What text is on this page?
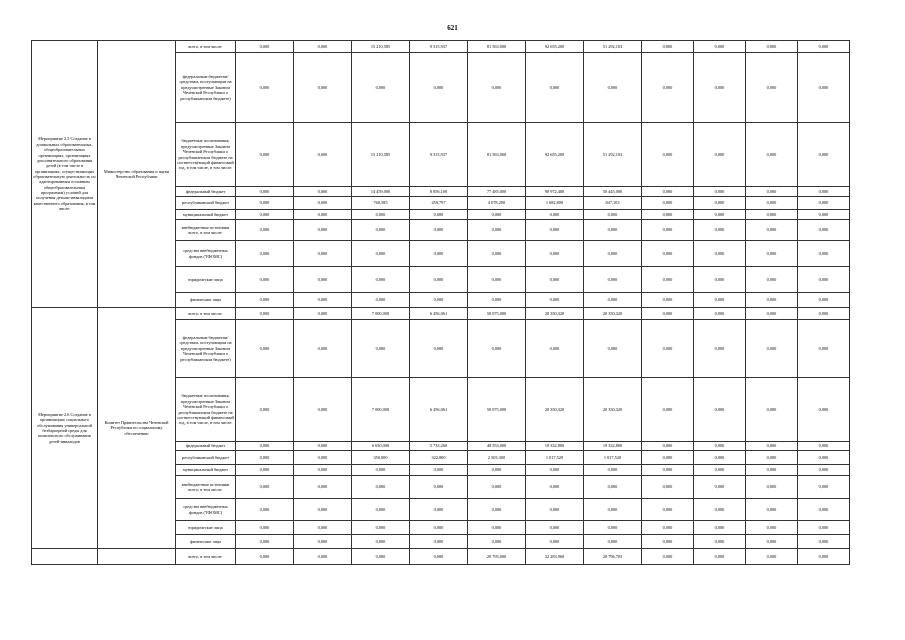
621
Мероприятие 2.5 Создание в дошкольных образовательных, общеобразовательных организациях, организациях дополнительного образования детей (в том числе в организациях, осуществляющих образовательную деятельность по адаптированным основным общеобразовательным программам) условий для получения детьми-инвалидами качественного образования, в том числе:	Министерство образования и науки Чеченской Республики	всего, в том числе:	0,000	0,000	15 210,585	9 315,937	81 563,000	92 655,200	51 292,103	0,000	0,000	0,000	0,000
		федеральным бюджетам/средствам, поступающим на предусмотренные Законом Чеченской Республики о республиканском бюджете)	0,000	0,000	0,000	0,000	0,000	0,000	0,000	0,000	0,000	0,000	0,000
		бюджетные ассигнования, предусмотренные Законом Чеченской Республики о республиканском бюджете на соответствующий финансовый год, в том числе, в том числе:	0,000	0,000	15 210,585	9 315,937	81 563,000	92 655,200	51 292,103	0,000	0,000	0,000	0,000
		федеральный бюджет	0,000	0,000	14 459,000	8 856,100	77 485,000	90 972,400	50 445,000	0,000	0,000	0,000	0,000
		республиканский бюджет	0,000	0,000	760,585	459,797	4 078,200	1 682,800	847,103	0,000	0,000	0,000	0,000
		муниципальный бюджет	0,000	0,000	0,000	0,000	0,000	0,000	0,000	0,000	0,000	0,000	0,000
		внебюджетные источники всего, в том числе:	0,000	0,000	0,000	0,000	0,000	0,000	0,000	0,000	0,000	0,000	0,000
		средства внебюджетных фондов (ТФОМС)	0,000	0,000	0,000	0,000	0,000	0,000	0,000	0,000	0,000	0,000	0,000
		юридические лица	0,000	0,000	0,000	0,000	0,000	0,000	0,000	0,000	0,000	0,000	0,000
		физические лица	0,000	0,000	0,000	0,000	0,000	0,000	0,000	0,000	0,000	0,000	0,000
Мероприятие 2.6 Создание в организациях социального обслуживания универсальной безбарьерной среды для комплексного обслуживания детей-инвалидов	Комитет Правительства Чеченской Республики по социальному обеспечению	всего, в том числе:	0,000	0,000	7 000,000	6 456,061	50 075,000	20 350,320	20 350,320	0,000	0,000	0,000	0,000
		федеральным бюджетам/средствам, поступающим на предусмотренные Законом Чеченской Республики о республиканском бюджете)	0,000	0,000	0,000	0,000	0,000	0,000	0,000	0,000	0,000	0,000	0,000
		бюджетные ассигнования, предусмотренные Законом Чеченской Республики о республиканском бюджете на соответствующий финансовый год, в том числе, в том числе:	0,000	0,000	7 000,000	6 456,061	50 075,000	20 350,320	20 350,320	0,000	0,000	0,000	0,000
		федеральный бюджет	0,000	0,000	6 650,000	5 733,260	48 553,000	19 332,800	19 332,800	0,000	0,000	0,000	0,000
		республиканский бюджет	0,000	0,000	350,000	322,800	2 503,300	1 017,520	1 017,520	0,000	0,000	0,000	0,000
		муниципальный бюджет	0,000	0,000	0,000	0,000	0,000	0,000	0,000	0,000	0,000	0,000	0,000
		внебюджетные источники всего, в том числе:	0,000	0,000	0,000	0,000	0,000	0,000	0,000	0,000	0,000	0,000	0,000
		средства внебюджетных фондов (ТФОМС)	0,000	0,000	0,000	0,000	0,000	0,000	0,000	0,000	0,000	0,000	0,000
		юридические лица	0,000	0,000	0,000	0,000	0,000	0,000	0,000	0,000	0,000	0,000	0,000
		физические лица	0,000	0,000	0,000	0,000	0,000	0,000	0,000	0,000	0,000	0,000	0,000
		всего, в том числе:	0,000	0,000	0,000	0,000	20 795,000	32 283,960	20 796,703	0,000	0,000	0,000	0,000
